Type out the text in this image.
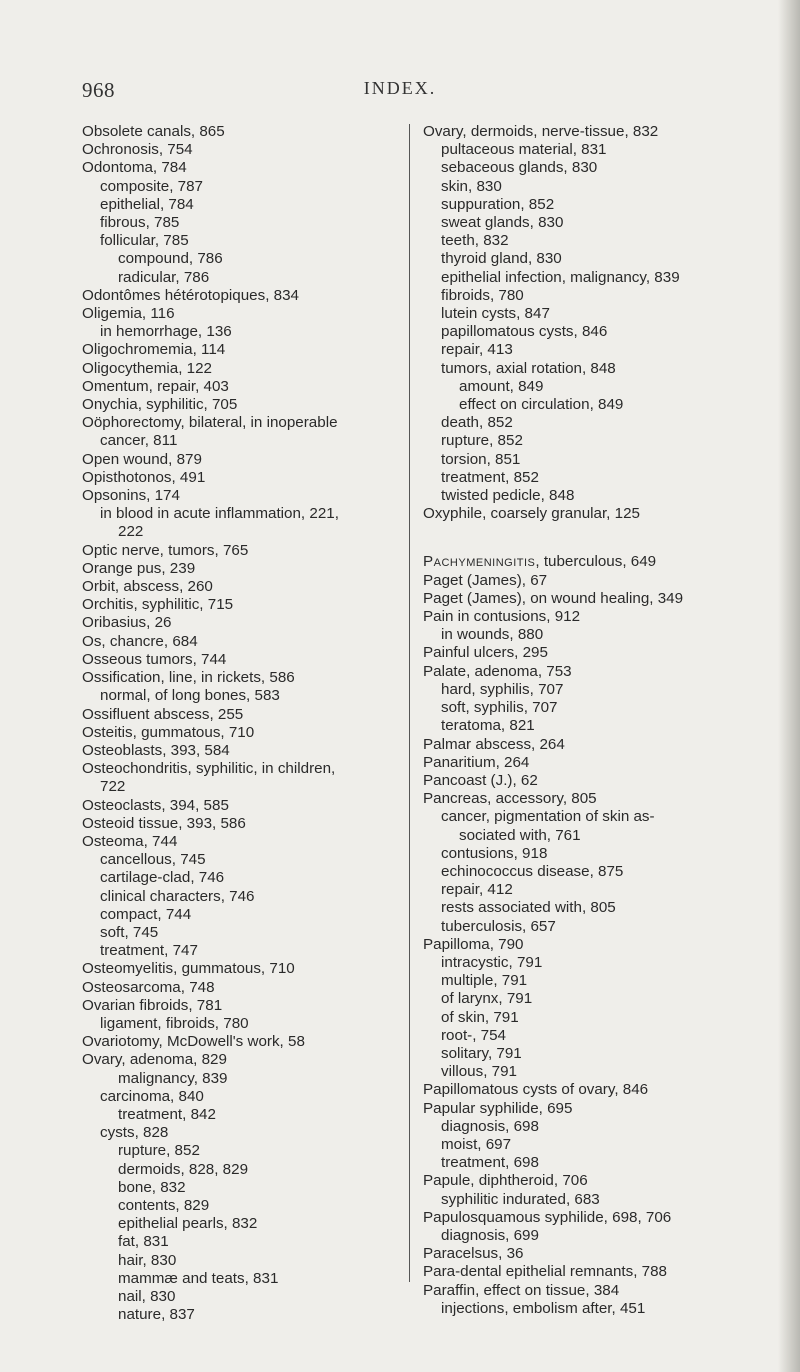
968	INDEX.
Obsolete canals, 865
Ochronosis, 754
Odontoma, 784
composite, 787
epithelial, 784
fibrous, 785
follicular, 785
compound, 786
radicular, 786
Odontômes hétérotopiques, 834
Oligemia, 116
in hemorrhage, 136
Oligochromemia, 114
Oligocythemia, 122
Omentum, repair, 403
Onychia, syphilitic, 705
Oöphorectomy, bilateral, in inoperable
cancer, 811
Open wound, 879
Opisthotonos, 491
Opsonins, 174
in blood in acute inflammation, 221,
222
Optic nerve, tumors, 765
Orange pus, 239
Orbit, abscess, 260
Orchitis, syphilitic, 715
Oribasius, 26
Os, chancre, 684
Osseous tumors, 744
Ossification, line, in rickets, 586
normal, of long bones, 583
Ossifluent abscess, 255
Osteitis, gummatous, 710
Osteoblasts, 393, 584
Osteochondritis, syphilitic, in children,
722
Osteoclasts, 394, 585
Osteoid tissue, 393, 586
Osteoma, 744
cancellous, 745
cartilage-clad, 746
clinical characters, 746
compact, 744
soft, 745
treatment, 747
Osteomyelitis, gummatous, 710
Osteosarcoma, 748
Ovarian fibroids, 781
ligament, fibroids, 780
Ovariotomy, McDowell's work, 58
Ovary, adenoma, 829
malignancy, 839
carcinoma, 840
treatment, 842
cysts, 828
rupture, 852
dermoids, 828, 829
bone, 832
contents, 829
epithelial pearls, 832
fat, 831
hair, 830
mammæ and teats, 831
nail, 830
nature, 837
Ovary, dermoids, nerve-tissue, 832
pultaceous material, 831
sebaceous glands, 830
skin, 830
suppuration, 852
sweat glands, 830
teeth, 832
thyroid gland, 830
epithelial infection, malignancy, 839
fibroids, 780
lutein cysts, 847
papillomatous cysts, 846
repair, 413
tumors, axial rotation, 848
amount, 849
effect on circulation, 849
death, 852
rupture, 852
torsion, 851
treatment, 852
twisted pedicle, 848
Oxyphile, coarsely granular, 125
Pachymeningitis, tuberculous, 649
Paget (James), 67
Paget (James), on wound healing, 349
Pain in contusions, 912
in wounds, 880
Painful ulcers, 295
Palate, adenoma, 753
hard, syphilis, 707
soft, syphilis, 707
teratoma, 821
Palmar abscess, 264
Panaritium, 264
Pancoast (J.), 62
Pancreas, accessory, 805
cancer, pigmentation of skin as-
sociated with, 761
contusions, 918
echinococcus disease, 875
repair, 412
rests associated with, 805
tuberculosis, 657
Papilloma, 790
intracystic, 791
multiple, 791
of larynx, 791
of skin, 791
root-, 754
solitary, 791
villous, 791
Papillomatous cysts of ovary, 846
Papular syphilide, 695
diagnosis, 698
moist, 697
treatment, 698
Papule, diphtheroid, 706
syphilitic indurated, 683
Papulosquamous syphilide, 698, 706
diagnosis, 699
Paracelsus, 36
Para-dental epithelial remnants, 788
Paraffin, effect on tissue, 384
injections, embolism after, 451
